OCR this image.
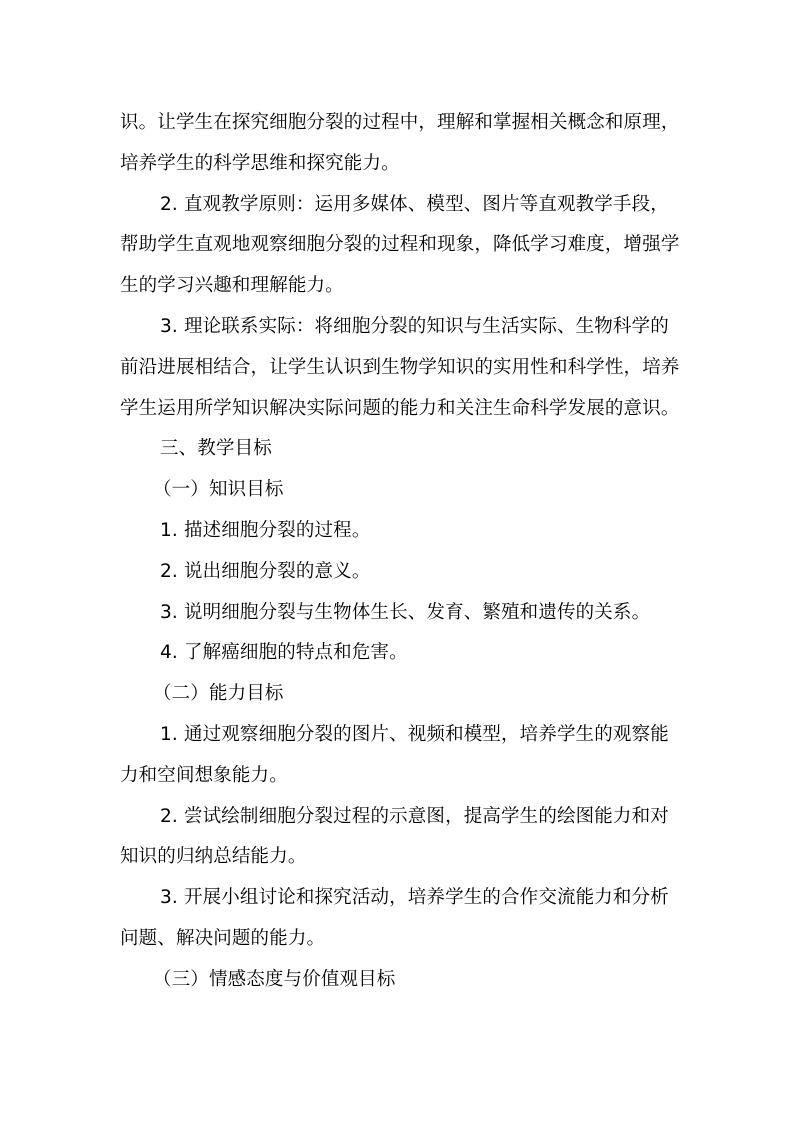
识。让学生在探究细胞分裂的过程中，理解和掌握相关概念和原理，
培养学生的科学思维和探究能力。

2. 直观教学原则：运用多媒体、模型、图片等直观教学手段，
帮助学生直观地观察细胞分裂的过程和现象，降低学习难度，增强学
生的学习兴趣和理解能力。

3. 理论联系实际：将细胞分裂的知识与生活实际、生物科学的
前沿进展相结合，让学生认识到生物学知识的实用性和科学性，培养
学生运用所学知识解决实际问题的能力和关注生命科学发展的意识。

三、教学目标

（一）知识目标

1. 描述细胞分裂的过程。

2. 说出细胞分裂的意义。

3. 说明细胞分裂与生物体生长、发育、繁殖和遗传的关系。

4. 了解癌细胞的特点和危害。

（二）能力目标

1. 通过观察细胞分裂的图片、视频和模型，培养学生的观察能
力和空间想象能力。

2. 尝试绘制细胞分裂过程的示意图，提高学生的绘图能力和对
知识的归纳总结能力。

3. 开展小组讨论和探究活动，培养学生的合作交流能力和分析
问题、解决问题的能力。

（三）情感态度与价值观目标
